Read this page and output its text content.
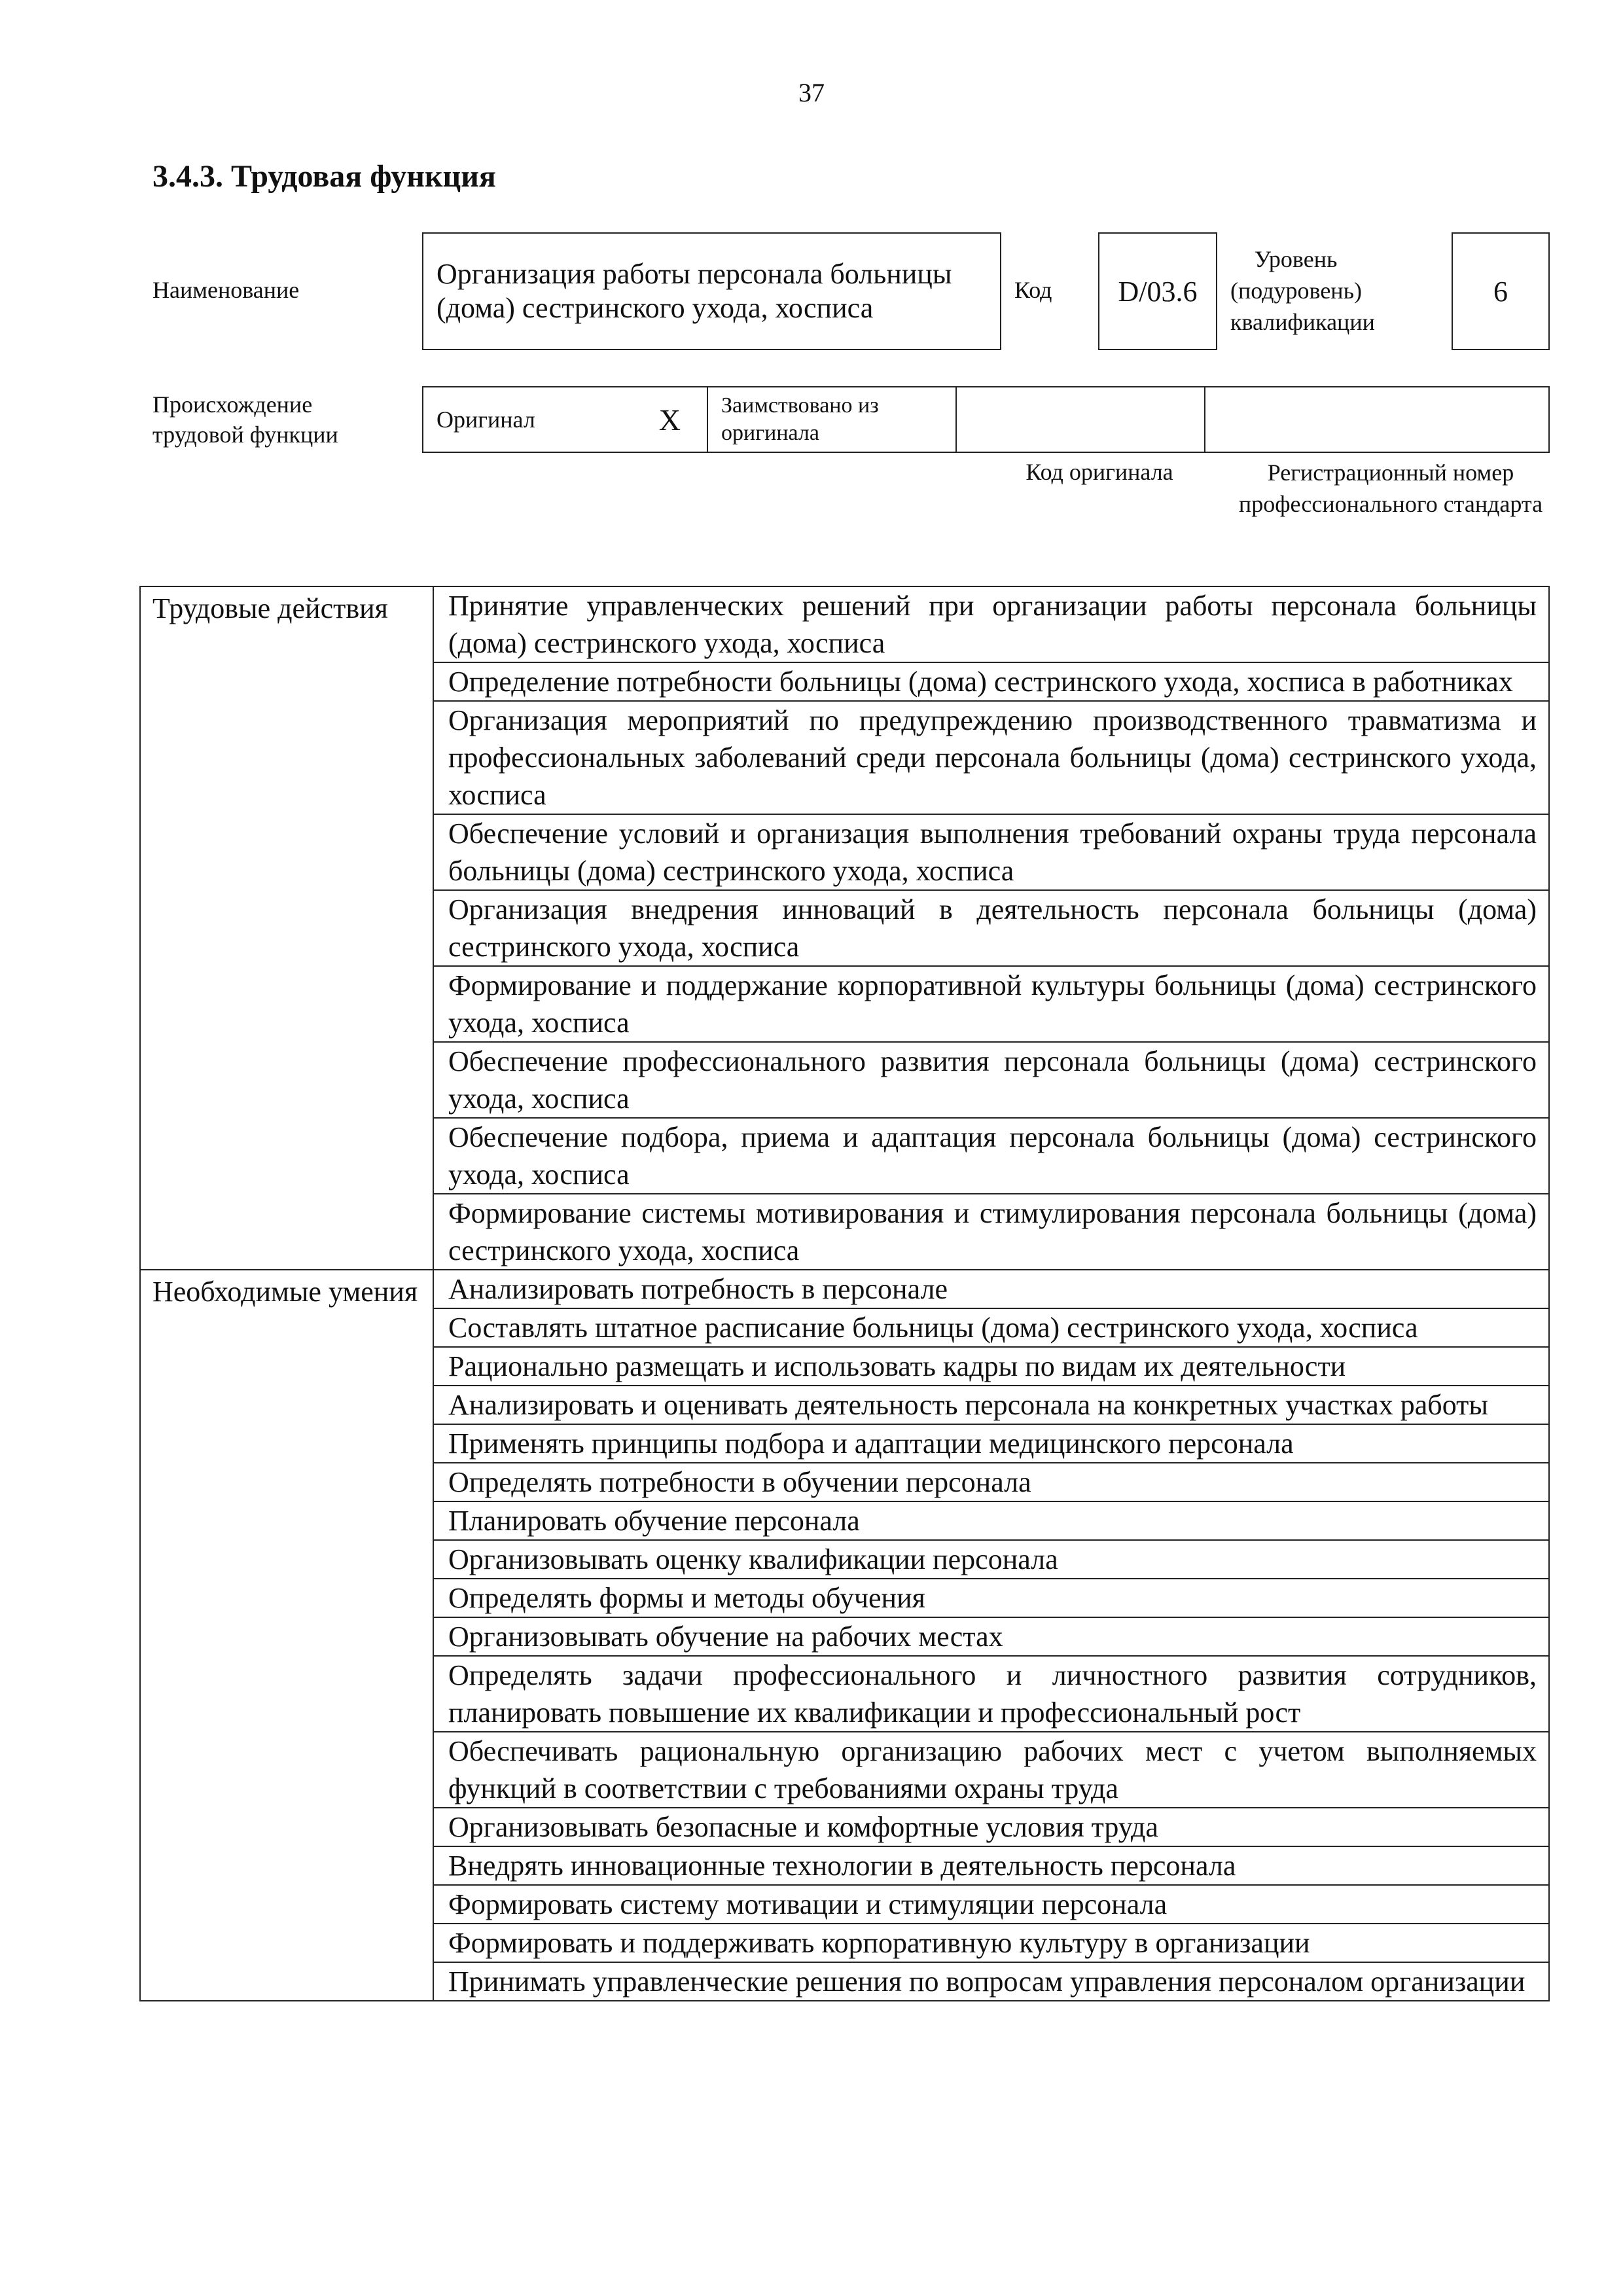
37
3.4.3. Трудовая функция
Наименование	Организация работы персонала больницы (дома) сестринского ухода, хосписа
Код	D/03.6
Уровень (подуровень) квалификации
6
Происхождение трудовой функции
Оригинал	X	Заимствовано из оригинала
Код оригинала	Регистрационный номер профессионального стандарта
Трудовые действия	Принятие управленческих решений при организации работы персонала больницы (дома) сестринского ухода, хосписа
	Определение потребности больницы (дома) сестринского ухода, хосписа в работниках
	Организация мероприятий по предупреждению производственного травматизма и профессиональных заболеваний среди персонала больницы (дома) сестринского ухода, хосписа
	Обеспечение условий и организация выполнения требований охраны труда персонала больницы (дома) сестринского ухода, хосписа
	Организация внедрения инноваций в деятельность персонала больницы (дома) сестринского ухода, хосписа
	Формирование и поддержание корпоративной культуры больницы (дома) сестринского ухода, хосписа
	Обеспечение профессионального развития персонала больницы (дома) сестринского ухода, хосписа
	Обеспечение подбора, приема и адаптация персонала больницы (дома) сестринского ухода, хосписа
	Формирование системы мотивирования и стимулирования персонала больницы (дома) сестринского ухода, хосписа
Необходимые умения	Анализировать потребность в персонале
	Составлять штатное расписание больницы (дома) сестринского ухода, хосписа
	Рационально размещать и использовать кадры по видам их деятельности
	Анализировать и оценивать деятельность персонала на конкретных участках работы
	Применять принципы подбора и адаптации медицинского персонала
	Определять потребности в обучении персонала
	Планировать обучение персонала
	Организовывать оценку квалификации персонала
	Определять формы и методы обучения
	Организовывать обучение на рабочих местах
	Определять задачи профессионального и личностного развития сотрудников, планировать повышение их квалификации и профессиональный рост
	Обеспечивать рациональную организацию рабочих мест с учетом выполняемых функций в соответствии с требованиями охраны труда
	Организовывать безопасные и комфортные условия труда
	Внедрять инновационные технологии в деятельность персонала
	Формировать систему мотивации и стимуляции персонала
	Формировать и поддерживать корпоративную культуру в организации
	Принимать управленческие решения по вопросам управления персоналом организации
